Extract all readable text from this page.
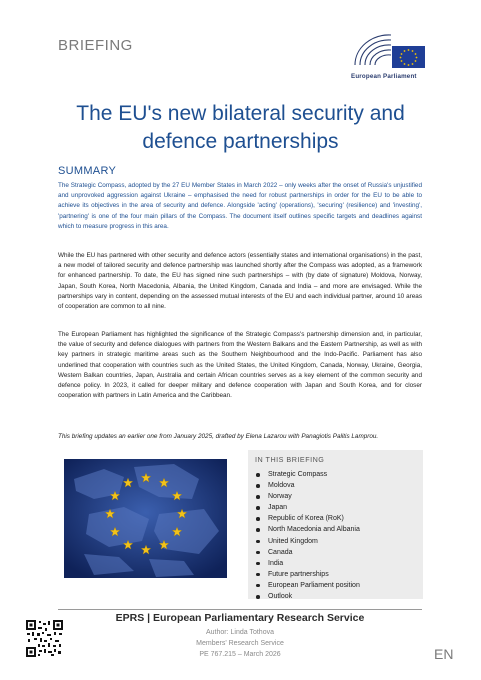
BRIEFING
European Parliament
The EU's new bilateral security and defence partnerships
SUMMARY
The Strategic Compass, adopted by the 27 EU Member States in March 2022 – only weeks after the onset of Russia's unjustified and unprovoked aggression against Ukraine – emphasised the need for robust partnerships in order for the EU to be able to achieve its objectives in the area of security and defence. Alongside 'acting' (operations), 'securing' (resilience) and 'investing', 'partnering' is one of the four main pillars of the Compass. The document itself outlines specific targets and deadlines against which to measure progress in this area.
While the EU has partnered with other security and defence actors (essentially states and international organisations) in the past, a new model of tailored security and defence partnership was launched shortly after the Compass was adopted, as a framework for enhanced partnership. To date, the EU has signed nine such partnerships – with (by date of signature) Moldova, Norway, Japan, South Korea, North Macedonia, Albania, the United Kingdom, Canada and India – and more are envisaged. While the partnerships vary in content, depending on the assessed mutual interests of the EU and each individual partner, around 10 areas of cooperation are common to all nine.
The European Parliament has highlighted the significance of the Strategic Compass's partnership dimension and, in particular, the value of security and defence dialogues with partners from the Western Balkans and the Eastern Partnership, as well as with key partners in strategic maritime areas such as the Southern Neighbourhood and the Indo-Pacific. Parliament has also underlined that cooperation with countries such as the United States, the United Kingdom, Canada, Norway, Ukraine, Georgia, Western Balkan countries, Japan, Australia and certain African countries serves as a key element of the common security and defence policy. In 2023, it called for deeper military and defence cooperation with Japan and South Korea, and for closer cooperation with partners in Latin America and the Caribbean.
This briefing updates an earlier one from January 2025, drafted by Elena Lazarou with Panagiotis Palitis Lamprou.
IN THIS BRIEFING
Strategic Compass
Moldova
Norway
Japan
Republic of Korea (RoK)
North Macedonia and Albania
United Kingdom
Canada
India
Future partnerships
European Parliament position
Outlook
EPRS | European Parliamentary Research Service
Author: Linda Tothova
Members' Research Service
PE 767.215 – March 2026	EN
